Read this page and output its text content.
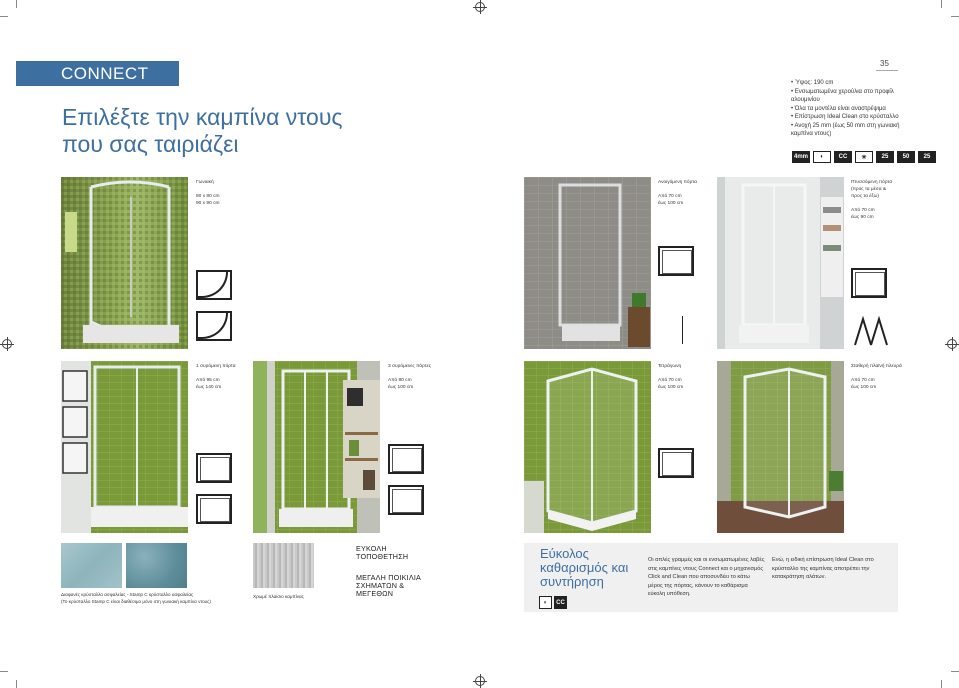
CONNECT
Επιλέξτε την καμπίνα ντους
που σας ταιριάζει
35
• Ύψος: 190 cm
• Ενσωματωμένα χερούλια στο προφίλ αλουμινίου
• Όλα τα μοντέλα είναι αναστρέψιμα
• Επίστρωση Ideal Clean στο κρύσταλλο
• Ανοχή 25 mm (έως 50 mm στη γωνιακή καμπίνα ντους)
4mm	◐	CC	✳	25	50	25
Γωνιακή
80 x 80 cm
90 x 90 cm
Ανοιγόμενη πόρτα
Από 70 cm
έως 100 cm
Πτυσσόμενη πόρτα
(προς τα μέσα &
προς τα έξω)
Από 70 cm
έως 90 cm
1 συρόμενη πόρτα
Από 95 cm
έως 140 cm
3 συρόμενες πόρτες
Από 80 cm
έως 100 cm
Τετράγωνη
Από 70 cm
έως 100 cm
Σταθερή πλαϊνή πλευρά
Από 70 cm
έως 100 cm
Διαφανές κρύσταλλο ασφαλείας - Stamp C κρύσταλλο ασφαλείας
(Το κρύσταλλο Stamp C είναι διαθέσιμο μόνο στη γωνιακή καμπίνα ντους)
Χρωμέ πλαίσιο καμπίνας
ΕΥΚΟΛΗ
ΤΟΠΟΘΕΤΗΣΗ
ΜΕΓΑΛΗ ΠΟΙΚΙΛΙΑ
ΣΧΗΜΑΤΩΝ &
ΜΕΓΕΘΩΝ
Εύκολος
καθαρισμός και
συντήρηση
◐	CC
Οι απλές γραμμές και οι ενσωματωμένες λαβές στις καμπίνες ντους Connect και ο μηχανισμός Click and Clean που αποσυνδέει το κάτω μέρος της πόρτας, κάνουν το καθάρισμα εύκολη υπόθεση.
Ενώ, η ειδική επίστρωση Ideal Clean στο κρύσταλλο της καμπίνας αποτρέπει την κατακράτηση αλάτων.
